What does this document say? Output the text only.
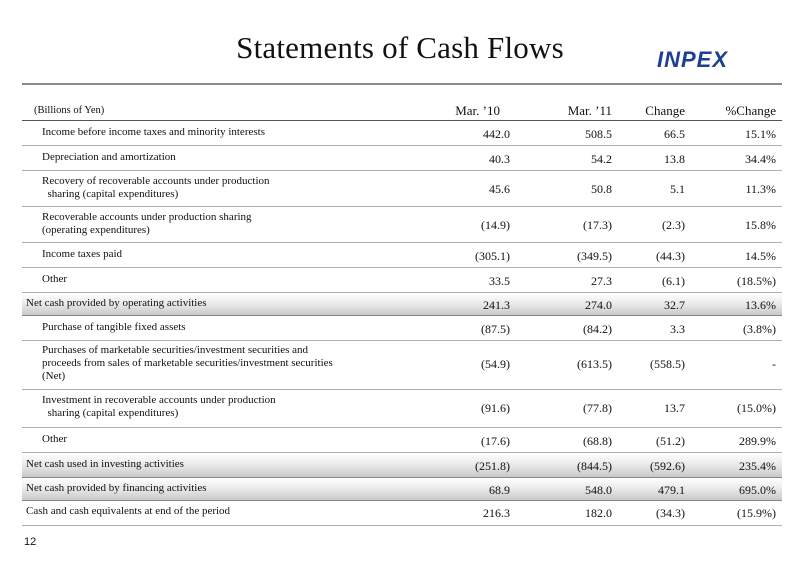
Statements of Cash Flows	INPEX
(Billions of Yen)	Mar. ’10	Mar. ’11	Change	%Change
Income before income taxes and minority interests	442.0	508.5	66.5	15.1%
Depreciation and amortization	40.3	54.2	13.8	34.4%
Recovery of recoverable accounts under production
sharing (capital expenditures)	45.6	50.8	5.1	11.3%
Recoverable accounts under production sharing
(operating expenditures)	(14.9)	(17.3)	(2.3)	15.8%
Income taxes paid	(305.1)	(349.5)	(44.3)	14.5%
Other	33.5	27.3	(6.1)	(18.5%)
Net cash provided by operating activities	241.3	274.0	32.7	13.6%
Purchase of tangible fixed assets	(87.5)	(84.2)	3.3	(3.8%)
Purchases of marketable securities/investment securities and
proceeds from sales of marketable securities/investment securities
(Net)
(54.9)	(613.5)	(558.5)	-
Investment in recoverable accounts under production
sharing (capital expenditures)	(91.6)	(77.8)	13.7	(15.0%)
Other	(17.6)	(68.8)	(51.2)	289.9%
Net cash used in investing activities	(251.8)	(844.5)	(592.6)	235.4%
Net cash provided by financing activities	68.9	548.0	479.1	695.0%
Cash and cash equivalents at end of the period	216.3	182.0	(34.3)	(15.9%)
12
